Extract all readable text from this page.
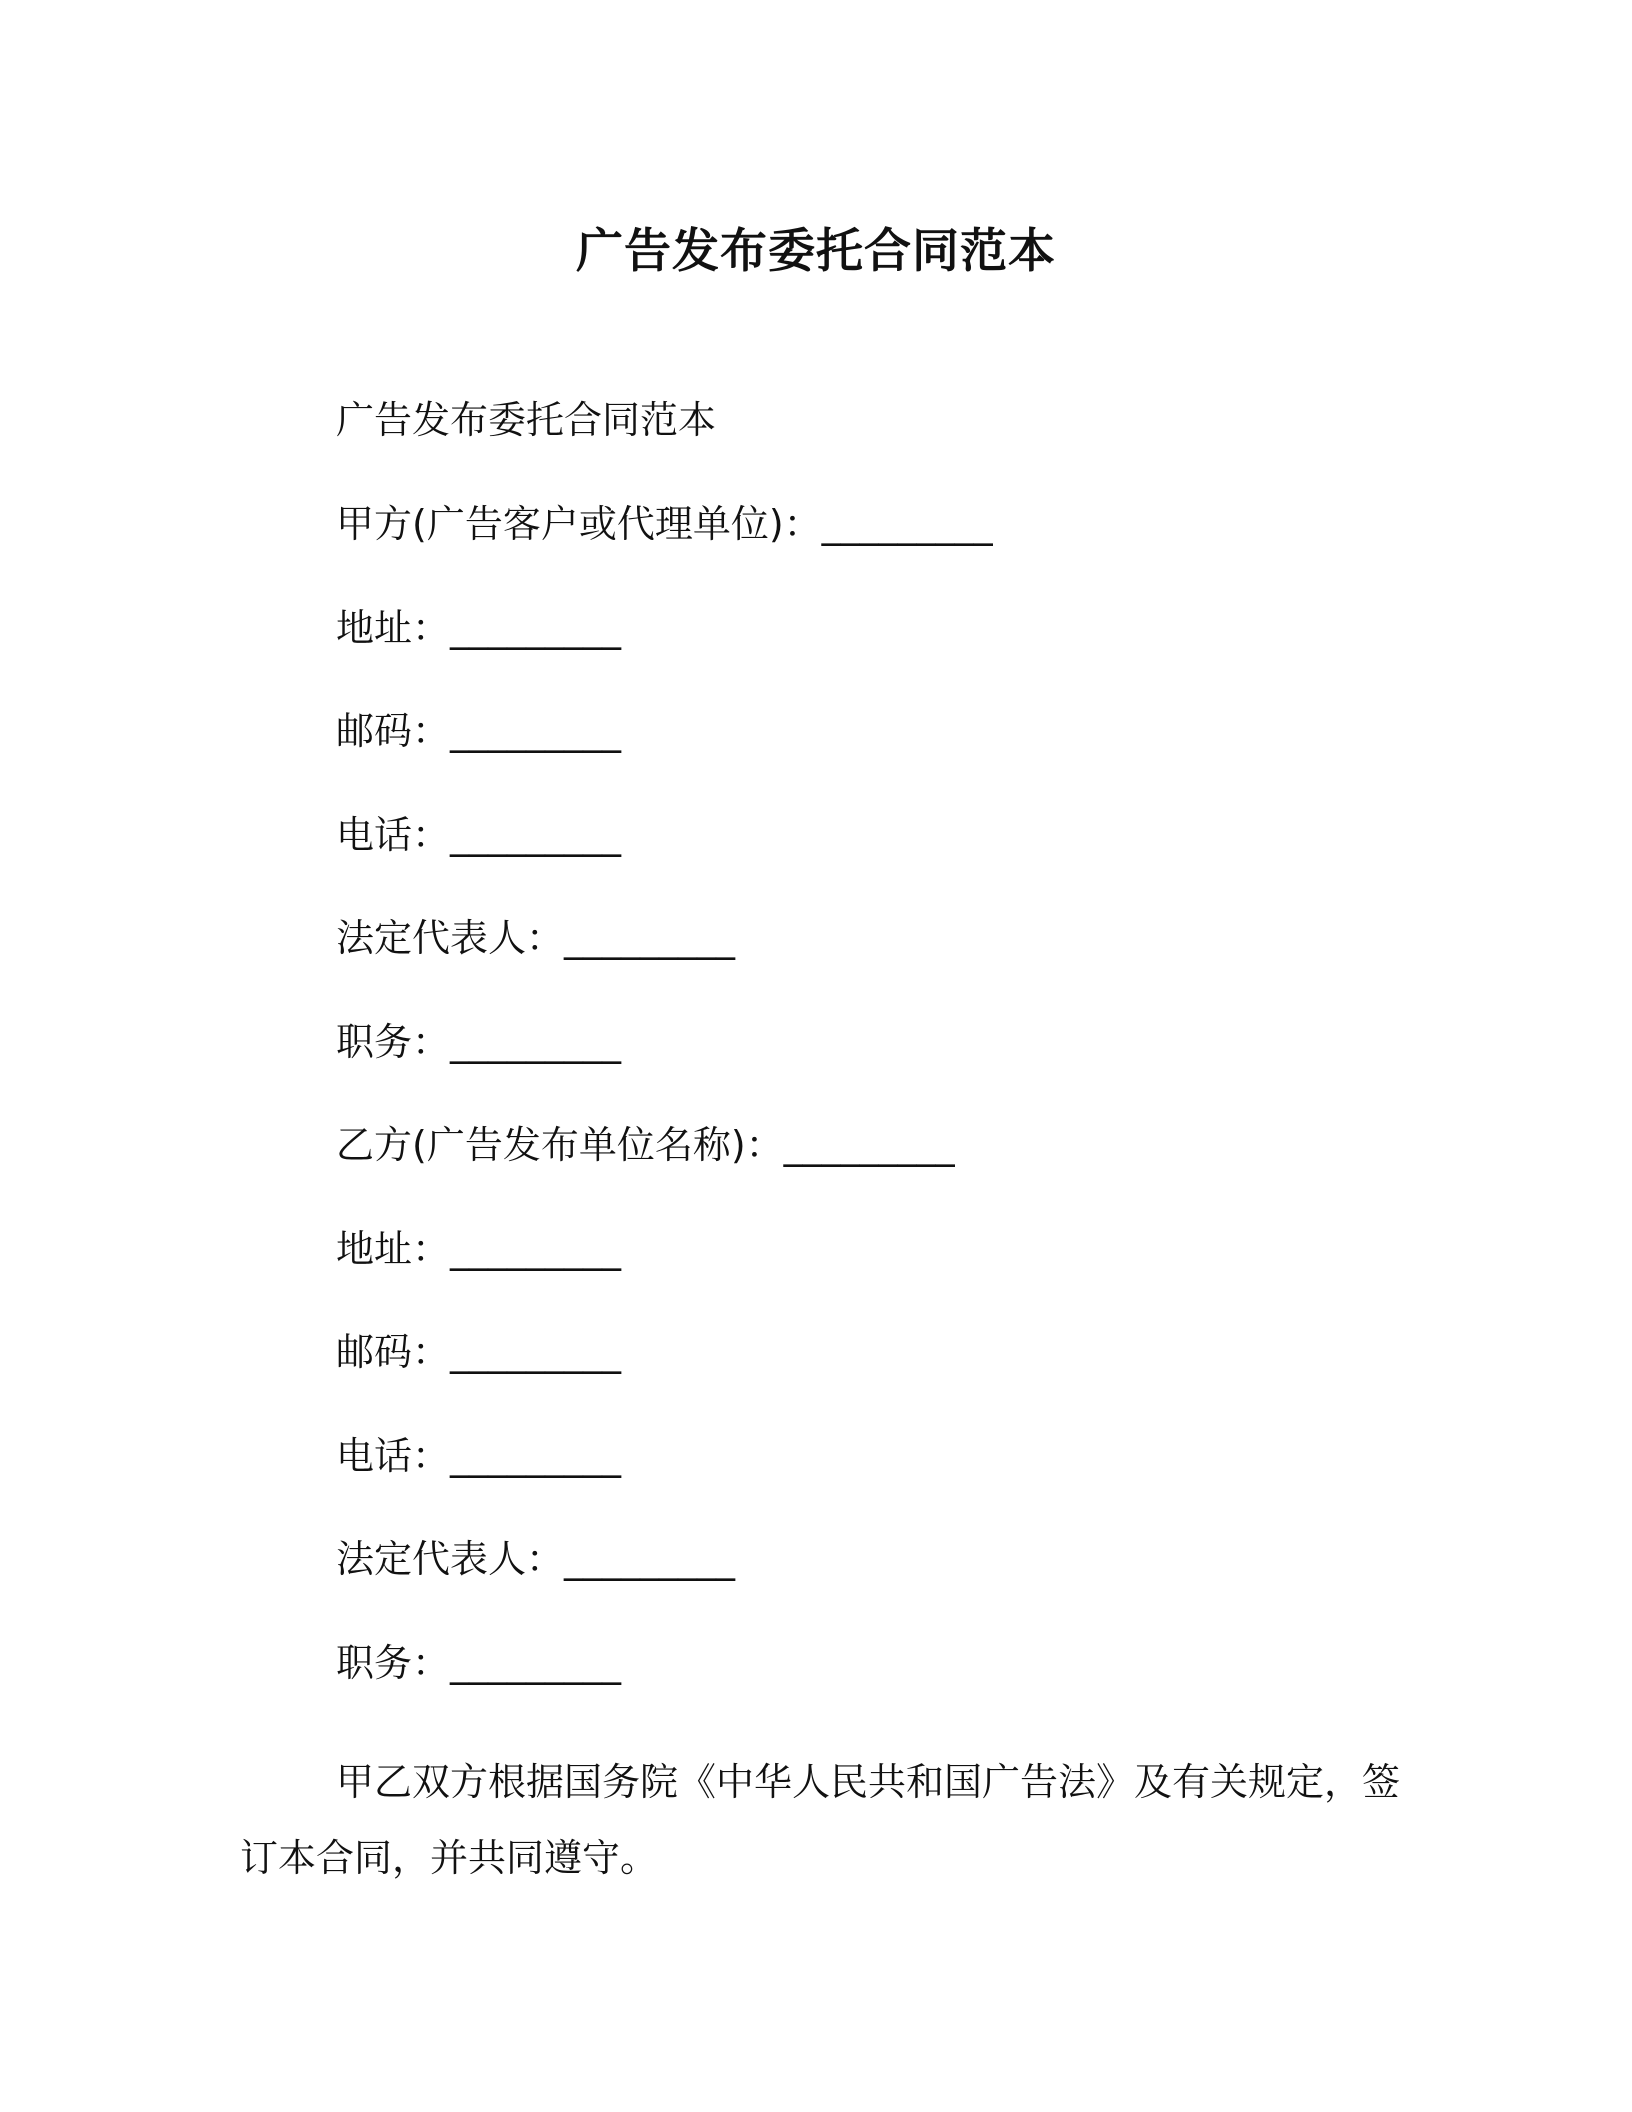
广告发布委托合同范本
广告发布委托合同范本
甲方(广告客户或代理单位)：_________
地址：_________
邮码：_________
电话：_________
法定代表人：_________
职务：_________
乙方(广告发布单位名称)：_________
地址：_________
邮码：_________
电话：_________
法定代表人：_________
职务：_________

甲乙双方根据国务院《中华人民共和国广告法》及有关规定，签订本合同，并共同遵守。
